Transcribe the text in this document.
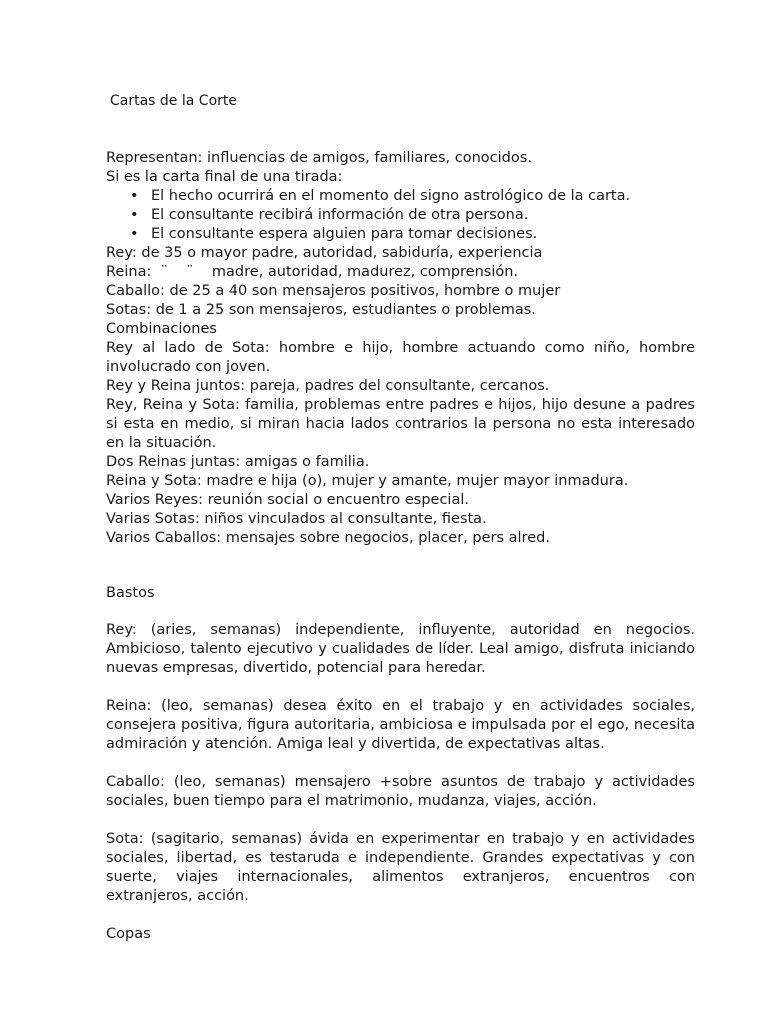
Cartas de la Corte

Representan: influencias de amigos, familiares, conocidos.

Si es la carta final de una tirada:

• El hecho ocurrirá en el momento del signo astrológico de la carta.
• El consultante recibirá información de otra persona.
• El consultante espera alguien para tomar decisiones.

Rey: de 35 o mayor padre, autoridad, sabiduría, experiencia

Reina:  ¨    ¨    madre, autoridad, madurez, comprensión.

Caballo: de 25 a 40 son mensajeros positivos, hombre o mujer

Sotas: de 1 a 25 son mensajeros, estudiantes o problemas.

Combinaciones

Rey al lado de Sota: hombre e hijo, hombre actuando como niño, hombre involucrado con joven.

Rey y Reina juntos: pareja, padres del consultante, cercanos.

Rey, Reina y Sota: familia, problemas entre padres e hijos, hijo desune a padres si esta en medio, si miran hacia lados contrarios la persona no esta interesado en la situación.

Dos Reinas juntas: amigas o familia.

Reina y Sota: madre e hija (o), mujer y amante, mujer mayor inmadura.

Varios Reyes: reunión social o encuentro especial.

Varias Sotas: niños vinculados al consultante, fiesta.

Varios Caballos: mensajes sobre negocios, placer, pers alred.

Bastos

Rey: (aries, semanas) independiente, influyente, autoridad en negocios. Ambicioso, talento ejecutivo y cualidades de líder. Leal amigo, disfruta iniciando nuevas empresas, divertido, potencial para heredar.

Reina: (leo, semanas) desea éxito en el trabajo y en actividades sociales, consejera positiva, figura autoritaria, ambiciosa e impulsada por el ego, necesita admiración y atención. Amiga leal y divertida, de expectativas altas.

Caballo: (leo, semanas) mensajero +sobre asuntos de trabajo y actividades sociales, buen tiempo para el matrimonio, mudanza, viajes, acción.

Sota: (sagitario, semanas) ávida en experimentar en trabajo y en actividades sociales, libertad, es testaruda e independiente. Grandes expectativas y con suerte, viajes internacionales, alimentos extranjeros, encuentros con extranjeros, acción.

Copas
